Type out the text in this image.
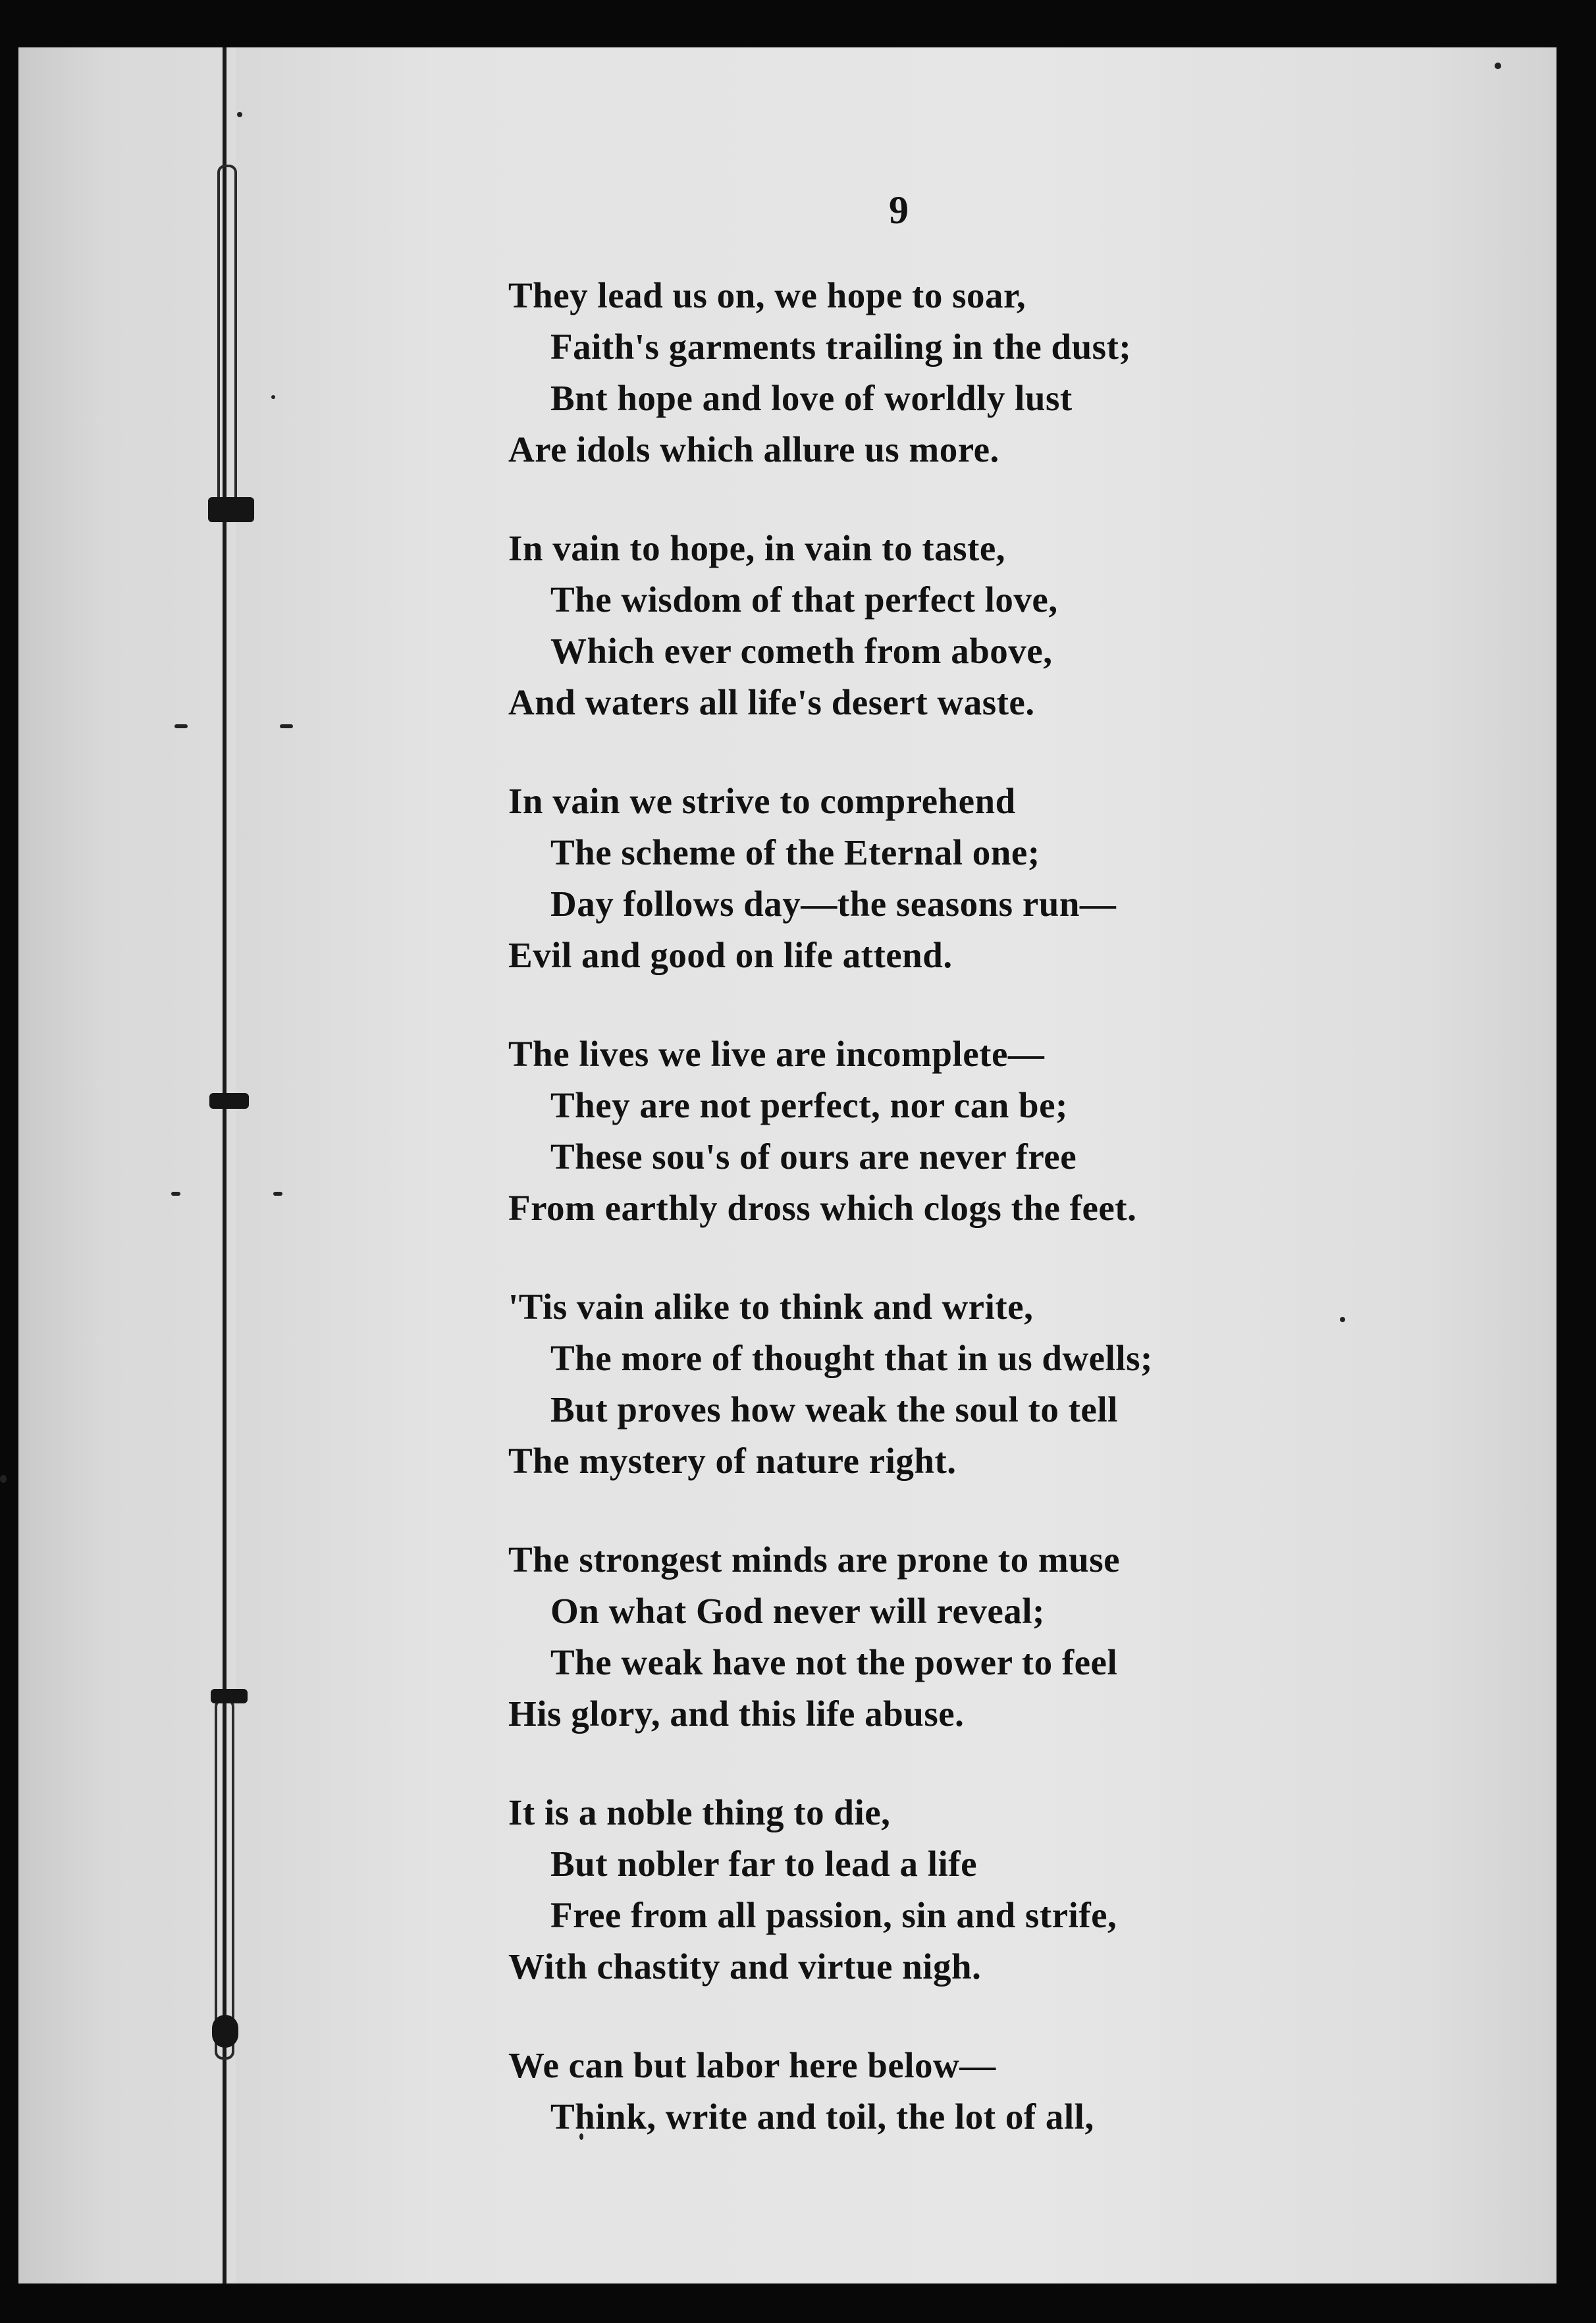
9
They lead us on, we hope to soar,
Faith's garments trailing in the dust;
Bnt hope and love of worldly lust
Are idols which allure us more.
In vain to hope, in vain to taste,
The wisdom of that perfect love,
Which ever cometh from above,
And waters all life's desert waste.
In vain we strive to comprehend
The scheme of the Eternal one;
Day follows day—the seasons run—
Evil and good on life attend.
The lives we live are incomplete—
They are not perfect, nor can be;
These sou's of ours are never free
From earthly dross which clogs the feet.
'Tis vain alike to think and write,
The more of thought that in us dwells;
But proves how weak the soul to tell
The mystery of nature right.
The strongest minds are prone to muse
On what God never will reveal;
The weak have not the power to feel
His glory, and this life abuse.
It is a noble thing to die,
But nobler far to lead a life
Free from all passion, sin and strife,
With chastity and virtue nigh.
We can but labor here below—
Think, write and toil, the lot of all,
